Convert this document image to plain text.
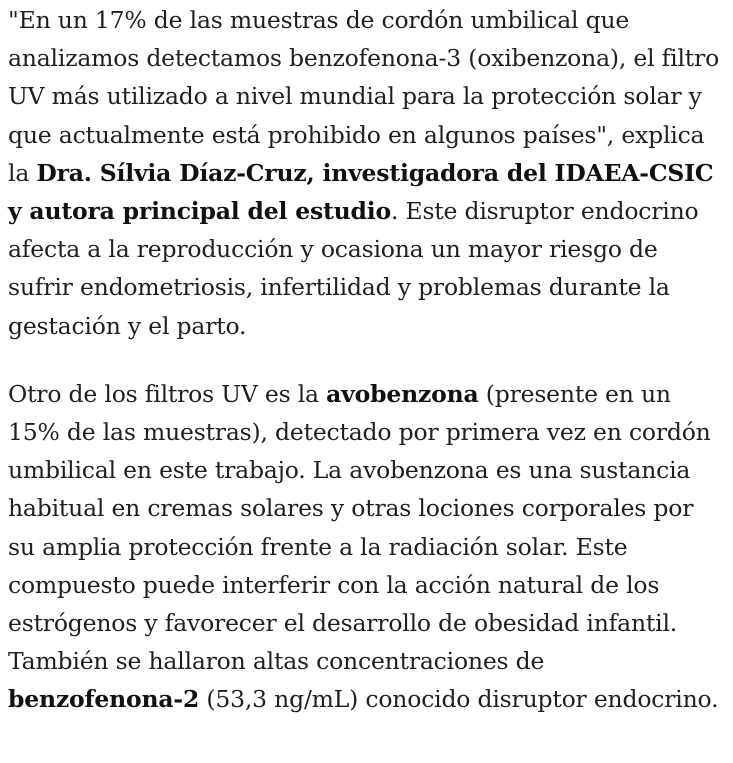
"En un 17% de las muestras de cordón umbilical que analizamos detectamos benzofenona-3 (oxibenzona), el filtro UV más utilizado a nivel mundial para la protección solar y que actualmente está prohibido en algunos países", explica la Dra. Sílvia Díaz-Cruz, investigadora del IDAEA-CSIC y autora principal del estudio. Este disruptor endocrino afecta a la reproducción y ocasiona un mayor riesgo de sufrir endometriosis, infertilidad y problemas durante la gestación y el parto.

Otro de los filtros UV es la avobenzona (presente en un 15% de las muestras), detectado por primera vez en cordón umbilical en este trabajo. La avobenzona es una sustancia habitual en cremas solares y otras lociones corporales por su amplia protección frente a la radiación solar. Este compuesto puede interferir con la acción natural de los estrógenos y favorecer el desarrollo de obesidad infantil. También se hallaron altas concentraciones de benzofenona-2 (53,3 ng/mL) conocido disruptor endocrino.
